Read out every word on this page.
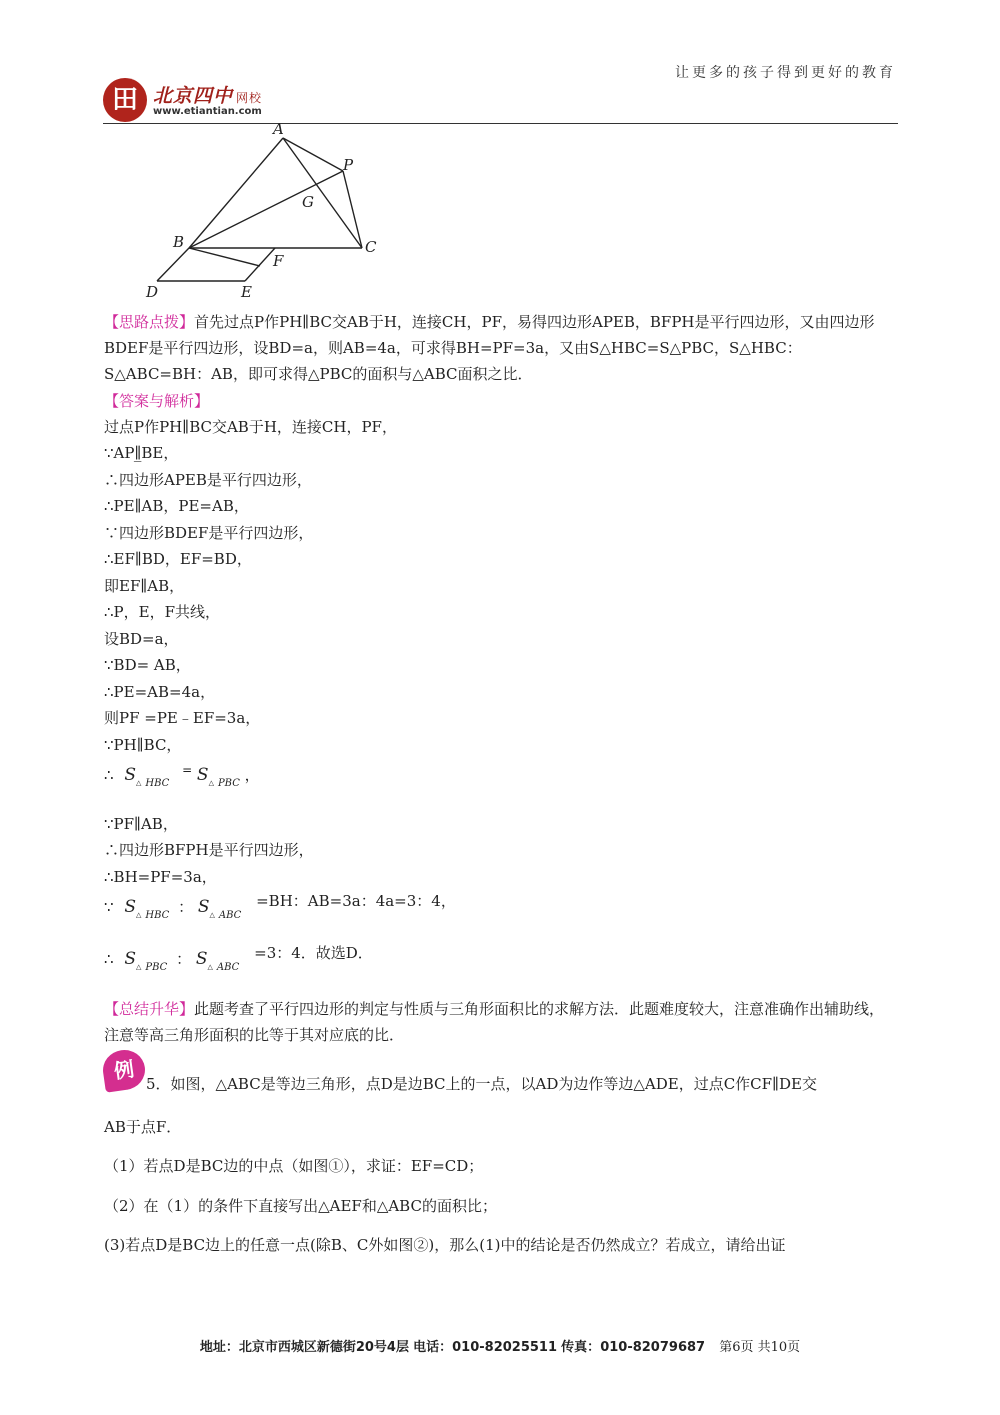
让更多的孩子得到更好的教育
田 北京四中 网校
www.etiantian.com
A
P
G
B	C
F
D	E
【思路点拨】首先过点P作PH∥BC交AB于H，连接CH，PF，易得四边形APEB，BFPH是平行四边形，又由四边形BDEF是平行四边形，设BD=a，则AB=4a，可求得BH=PF=3a，又由S△HBC=S△PBC，S△HBC：S△ABC=BH：AB，即可求得△PBC的面积与△ABC面积之比．
【答案与解析】
过点P作PH∥BC交AB于H，连接CH，PF，
∵AP∥̲BE，
∴四边形APEB是平行四边形，
∴PE∥AB，PE=AB，
∵四边形BDEF是平行四边形，
∴EF∥BD，EF=BD，
即EF∥AB，
∴P，E，F共线，
设BD=a，
∵BD= AB，
∴PE=AB=4a，
则PF =PE﹣EF=3a，
∵PH∥BC，
∴ $S_\triangle$ $_{HBC}$ = $S_\triangle$ $_{PBC}$ ，
∵PF∥AB，
∴四边形BFPH是平行四边形，
∴BH=PF=3a，
∵ $S_\triangle$ $_{HBC}$ ： $S_\triangle$ $_{ABC}$ =BH：AB=3a：4a=3：4，
∴ $S_\triangle$ $_{PBC}$ ： $S_\triangle$ $_{ABC}$ =3：4．故选D．
【总结升华】此题考查了平行四边形的判定与性质与三角形面积比的求解方法．此题难度较大，注意准确作出辅助线，注意等高三角形面积的比等于其对应底的比．
例
5．如图，△ABC是等边三角形，点D是边BC上的一点，以AD为边作等边△ADE，过点C作CF∥DE交
AB于点F．
（1）若点D是BC边的中点（如图①），求证：EF=CD；
（2）在（1）的条件下直接写出△AEF和△ABC的面积比；
(3)若点D是BC边上的任意一点(除B、C外如图②)，那么(1)中的结论是否仍然成立？若成立，请给出证
地址：北京市西城区新德街20号4层 电话：010-82025511 传真：010-82079687 第6页 共10页
